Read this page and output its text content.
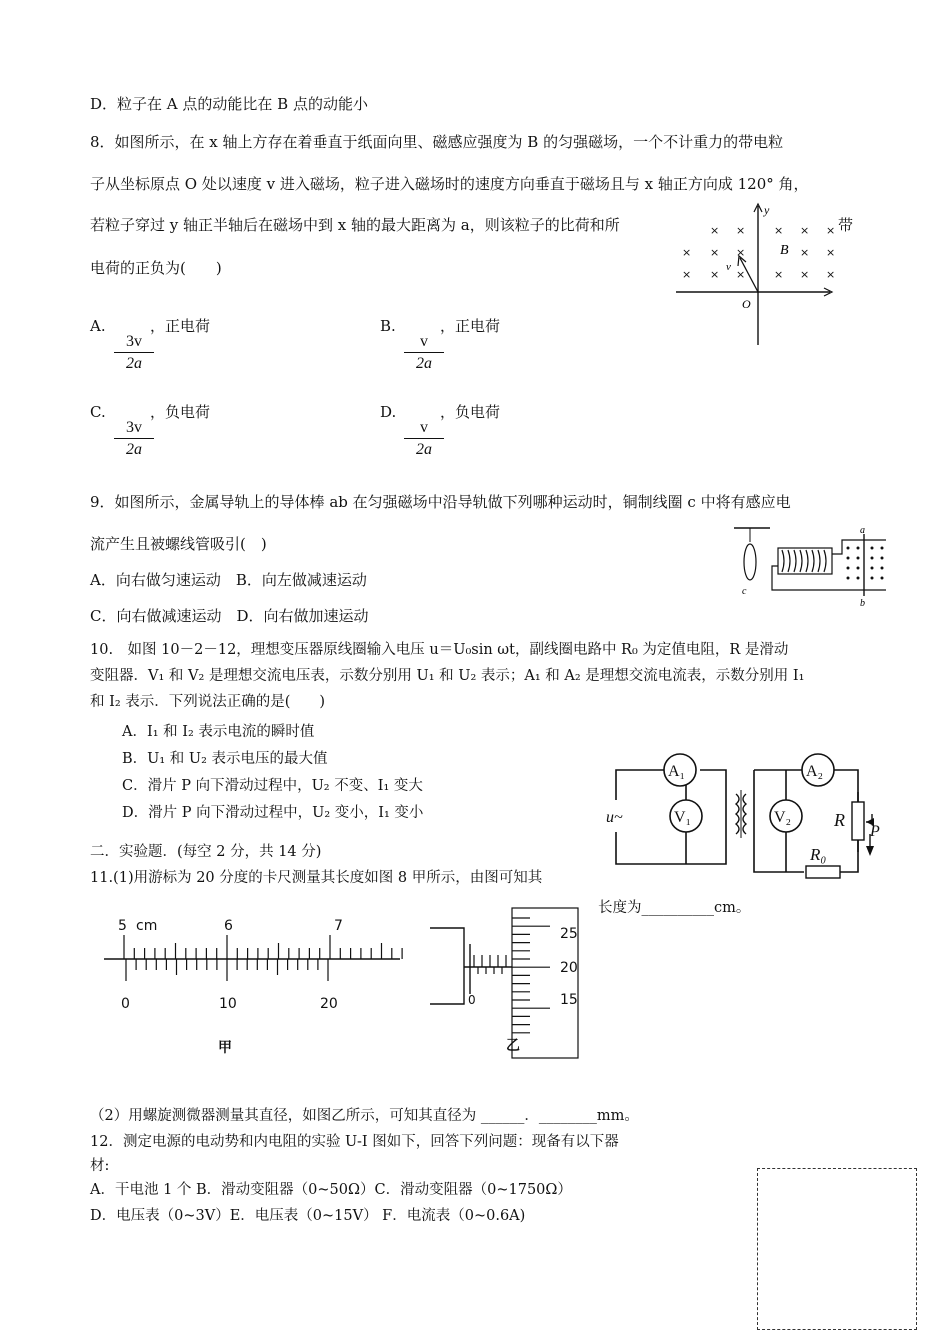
D．粒子在 A 点的动能比在 B 点的动能小
8．如图所示，在 x 轴上方存在着垂直于纸面向里、磁感应强度为 B 的匀强磁场，一个不计重力的带电粒
子从坐标原点 O 处以速度 v 进入磁场，粒子进入磁场时的速度方向垂直于磁场且与 x 轴正方向成 120° 角，
若粒子穿过 y 轴正半轴后在磁场中到 x 轴的最大距离为 a，则该粒子的比荷和所	带
电荷的正负为(　　)
A.	，正电荷
$\frac{3v}{2a}$
B.	，正电荷
$\frac{v}{2a}$
C.	，负电荷
$\frac{3v}{2a}$
D.	，负电荷
$\frac{v}{2a}$
× ×	× × ×
× × ×	× ×
× × ×	× × ×
y
B
v
O
9．如图所示，金属导轨上的导体棒 ab 在匀强磁场中沿导轨做下列哪种运动时，铜制线圈 c 中将有感应电
流产生且被螺线管吸引(　)
A．向右做匀速运动　B．向左做减速运动
C．向右做减速运动　D．向右做加速运动
a
b
c
10.　如图 10－2－12，理想变压器原线圈输入电压 u＝U₀sin ωt，副线圈电路中 R₀ 为定值电阻，R 是滑动
变阻器．V₁ 和 V₂ 是理想交流电压表，示数分别用 U₁ 和 U₂ 表示；A₁ 和 A₂ 是理想交流电流表，示数分别用 I₁
和 I₂ 表示．下列说法正确的是(　　)
A．I₁ 和 I₂ 表示电流的瞬时值
B．U₁ 和 U₂ 表示电压的最大值
C．滑片 P 向下滑动过程中，U₂ 不变、I₁ 变大
D．滑片 P 向下滑动过程中，U₂ 变小，I₁ 变小
A₁
V₁
A₂
V₂
u~	R
R₀
P
二．实验题．(每空 2 分，共 14 分)
11.(1)用游标为 20 分度的卡尺测量其长度如图 8 甲所示，由图可知其
长度为__________cm。
5 cm	6	7
0	10	20
甲
25
20
15
0
乙
（2）用螺旋测微器测量其直径，如图乙所示，可知其直径为 ______．________mm。
12．测定电源的电动势和内电阻的实验 U-I 图如下，回答下列问题：现备有以下器
材:
A．干电池 1 个 B．滑动变阻器（0~50Ω）C．滑动变阻器（0~1750Ω）
D．电压表（0~3V）E．电压表（0~15V） F．电流表（0~0.6A)
